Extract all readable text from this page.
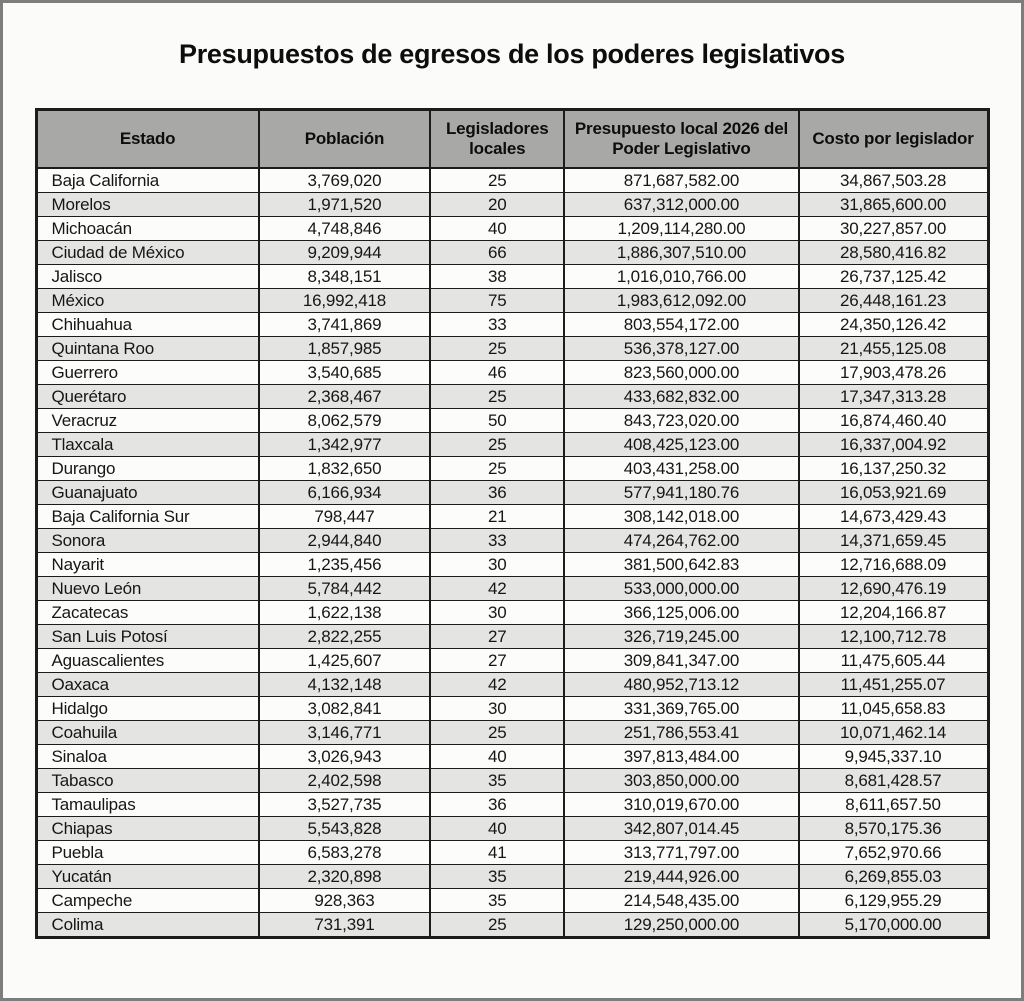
Presupuestos de egresos de los poderes legislativos
Estado	Población	Legisladores locales	Presupuesto local 2026 del Poder Legislativo	Costo por legislador
Baja California	3,769,020	25	871,687,582.00	34,867,503.28
Morelos	1,971,520	20	637,312,000.00	31,865,600.00
Michoacán	4,748,846	40	1,209,114,280.00	30,227,857.00
Ciudad de México	9,209,944	66	1,886,307,510.00	28,580,416.82
Jalisco	8,348,151	38	1,016,010,766.00	26,737,125.42
México	16,992,418	75	1,983,612,092.00	26,448,161.23
Chihuahua	3,741,869	33	803,554,172.00	24,350,126.42
Quintana Roo	1,857,985	25	536,378,127.00	21,455,125.08
Guerrero	3,540,685	46	823,560,000.00	17,903,478.26
Querétaro	2,368,467	25	433,682,832.00	17,347,313.28
Veracruz	8,062,579	50	843,723,020.00	16,874,460.40
Tlaxcala	1,342,977	25	408,425,123.00	16,337,004.92
Durango	1,832,650	25	403,431,258.00	16,137,250.32
Guanajuato	6,166,934	36	577,941,180.76	16,053,921.69
Baja California Sur	798,447	21	308,142,018.00	14,673,429.43
Sonora	2,944,840	33	474,264,762.00	14,371,659.45
Nayarit	1,235,456	30	381,500,642.83	12,716,688.09
Nuevo León	5,784,442	42	533,000,000.00	12,690,476.19
Zacatecas	1,622,138	30	366,125,006.00	12,204,166.87
San Luis Potosí	2,822,255	27	326,719,245.00	12,100,712.78
Aguascalientes	1,425,607	27	309,841,347.00	11,475,605.44
Oaxaca	4,132,148	42	480,952,713.12	11,451,255.07
Hidalgo	3,082,841	30	331,369,765.00	11,045,658.83
Coahuila	3,146,771	25	251,786,553.41	10,071,462.14
Sinaloa	3,026,943	40	397,813,484.00	9,945,337.10
Tabasco	2,402,598	35	303,850,000.00	8,681,428.57
Tamaulipas	3,527,735	36	310,019,670.00	8,611,657.50
Chiapas	5,543,828	40	342,807,014.45	8,570,175.36
Puebla	6,583,278	41	313,771,797.00	7,652,970.66
Yucatán	2,320,898	35	219,444,926.00	6,269,855.03
Campeche	928,363	35	214,548,435.00	6,129,955.29
Colima	731,391	25	129,250,000.00	5,170,000.00
